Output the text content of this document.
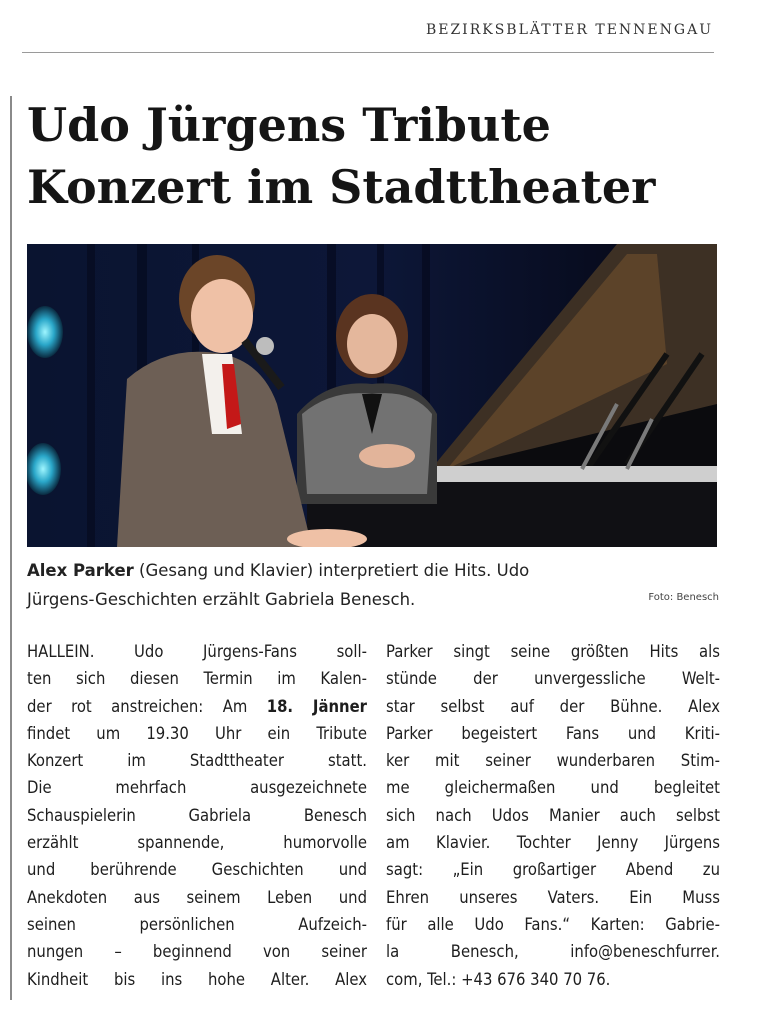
BEZIRKSBLÄTTER TENNENGAU
Udo Jürgens Tribute
Konzert im Stadttheater
Alex Parker (Gesang und Klavier) interpretiert die Hits. Udo
Jürgens-Geschichten erzählt Gabriela Benesch.	Foto: Benesch
HALLEIN. Udo Jürgens-Fans soll-
ten sich diesen Termin im Kalen-
der rot anstreichen: Am 18. Jänner
findet um 19.30 Uhr ein Tribute
Konzert im Stadttheater statt.
Die mehrfach ausgezeichnete
Schauspielerin Gabriela Benesch
erzählt spannende, humorvolle
und berührende Geschichten und
Anekdoten aus seinem Leben und
seinen persönlichen Aufzeich-
nungen – beginnend von seiner
Kindheit bis ins hohe Alter. Alex
Parker singt seine größten Hits als
stünde der unvergessliche Welt-
star selbst auf der Bühne. Alex
Parker begeistert Fans und Kriti-
ker mit seiner wunderbaren Stim-
me gleichermaßen und begleitet
sich nach Udos Manier auch selbst
am Klavier. Tochter Jenny Jürgens
sagt: „Ein großartiger Abend zu
Ehren unseres Vaters. Ein Muss
für alle Udo Fans.“ Karten: Gabrie-
la Benesch, info@beneschfurrer.
com, Tel.: +43 676 340 70 76.
